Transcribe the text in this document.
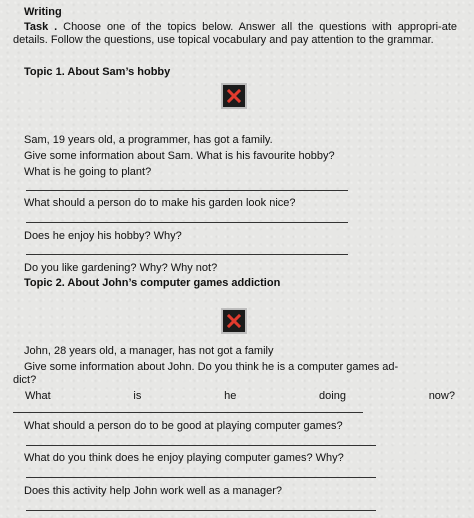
Writing
Task . Choose one of the topics below. Answer all the questions with appropri-ate details. Follow the questions, use topical vocabulary and pay attention to the grammar.
Topic 1. About Sam’s hobby
Sam, 19 years old, a programmer, has got a family.
Give some information about Sam. What is his favourite hobby?
What is he going to plant?
What should a person do to make his garden look nice?
Does he enjoy his hobby? Why?
Do you like gardening? Why? Why not?
Topic 2. About John’s computer games addiction
John, 28 years old, a manager, has not got a family
Give some information about John. Do you think he is a computer games ad-
dict?
What	is	he	doing	now?
What should a person do to be good at playing computer games?
What do you think does he enjoy playing computer games? Why?
Does this activity help John work well as a manager?
